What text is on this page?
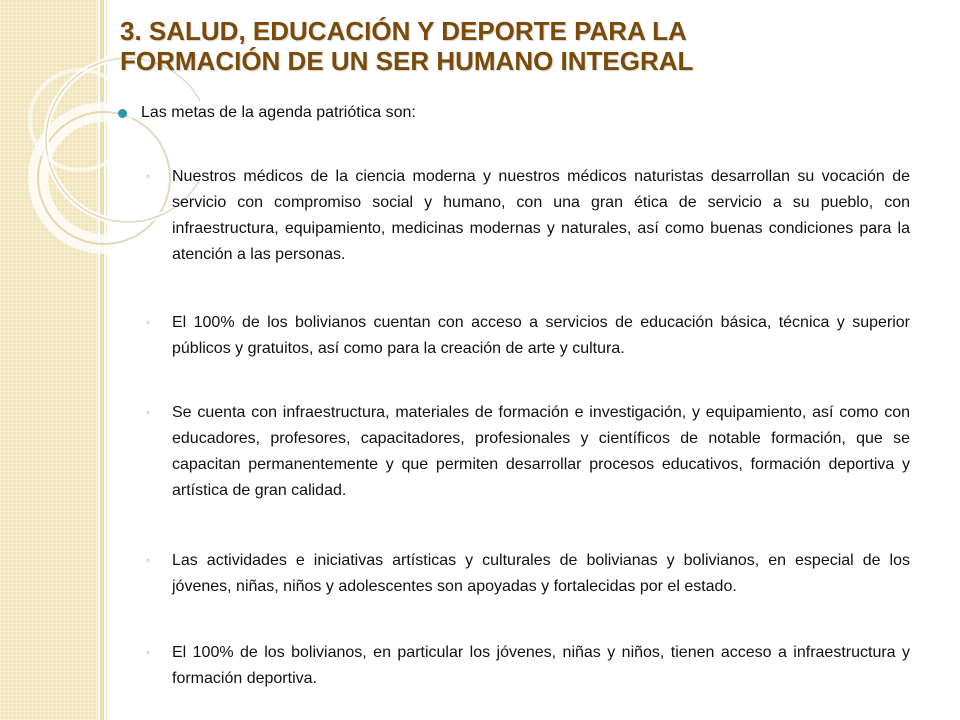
3. SALUD, EDUCACIÓN Y DEPORTE PARA LA
FORMACIÓN DE UN SER HUMANO INTEGRAL
Las metas de la agenda patriótica son:
◦	Nuestros médicos de la ciencia moderna y nuestros médicos naturistas desarrollan su vocación de servicio con compromiso social y humano, con una gran ética de servicio a su pueblo, con infraestructura, equipamiento, medicinas modernas y naturales, así como buenas condiciones para la atención a las personas.
◦	El 100% de los bolivianos cuentan con acceso a servicios de educación básica, técnica y superior públicos y gratuitos, así como para la creación de arte y cultura.
◦	Se cuenta con infraestructura, materiales de formación e investigación, y equipamiento, así como con educadores, profesores, capacitadores, profesionales y científicos de notable formación, que se capacitan permanentemente y que permiten desarrollar procesos educativos, formación deportiva y artística de gran calidad.
◦	Las actividades e iniciativas artísticas y culturales de bolivianas y bolivianos, en especial de los jóvenes, niñas, niños y adolescentes son apoyadas y fortalecidas por el estado.
◦	El 100% de los bolivianos, en particular los jóvenes, niñas y niños, tienen acceso a infraestructura y formación deportiva.
